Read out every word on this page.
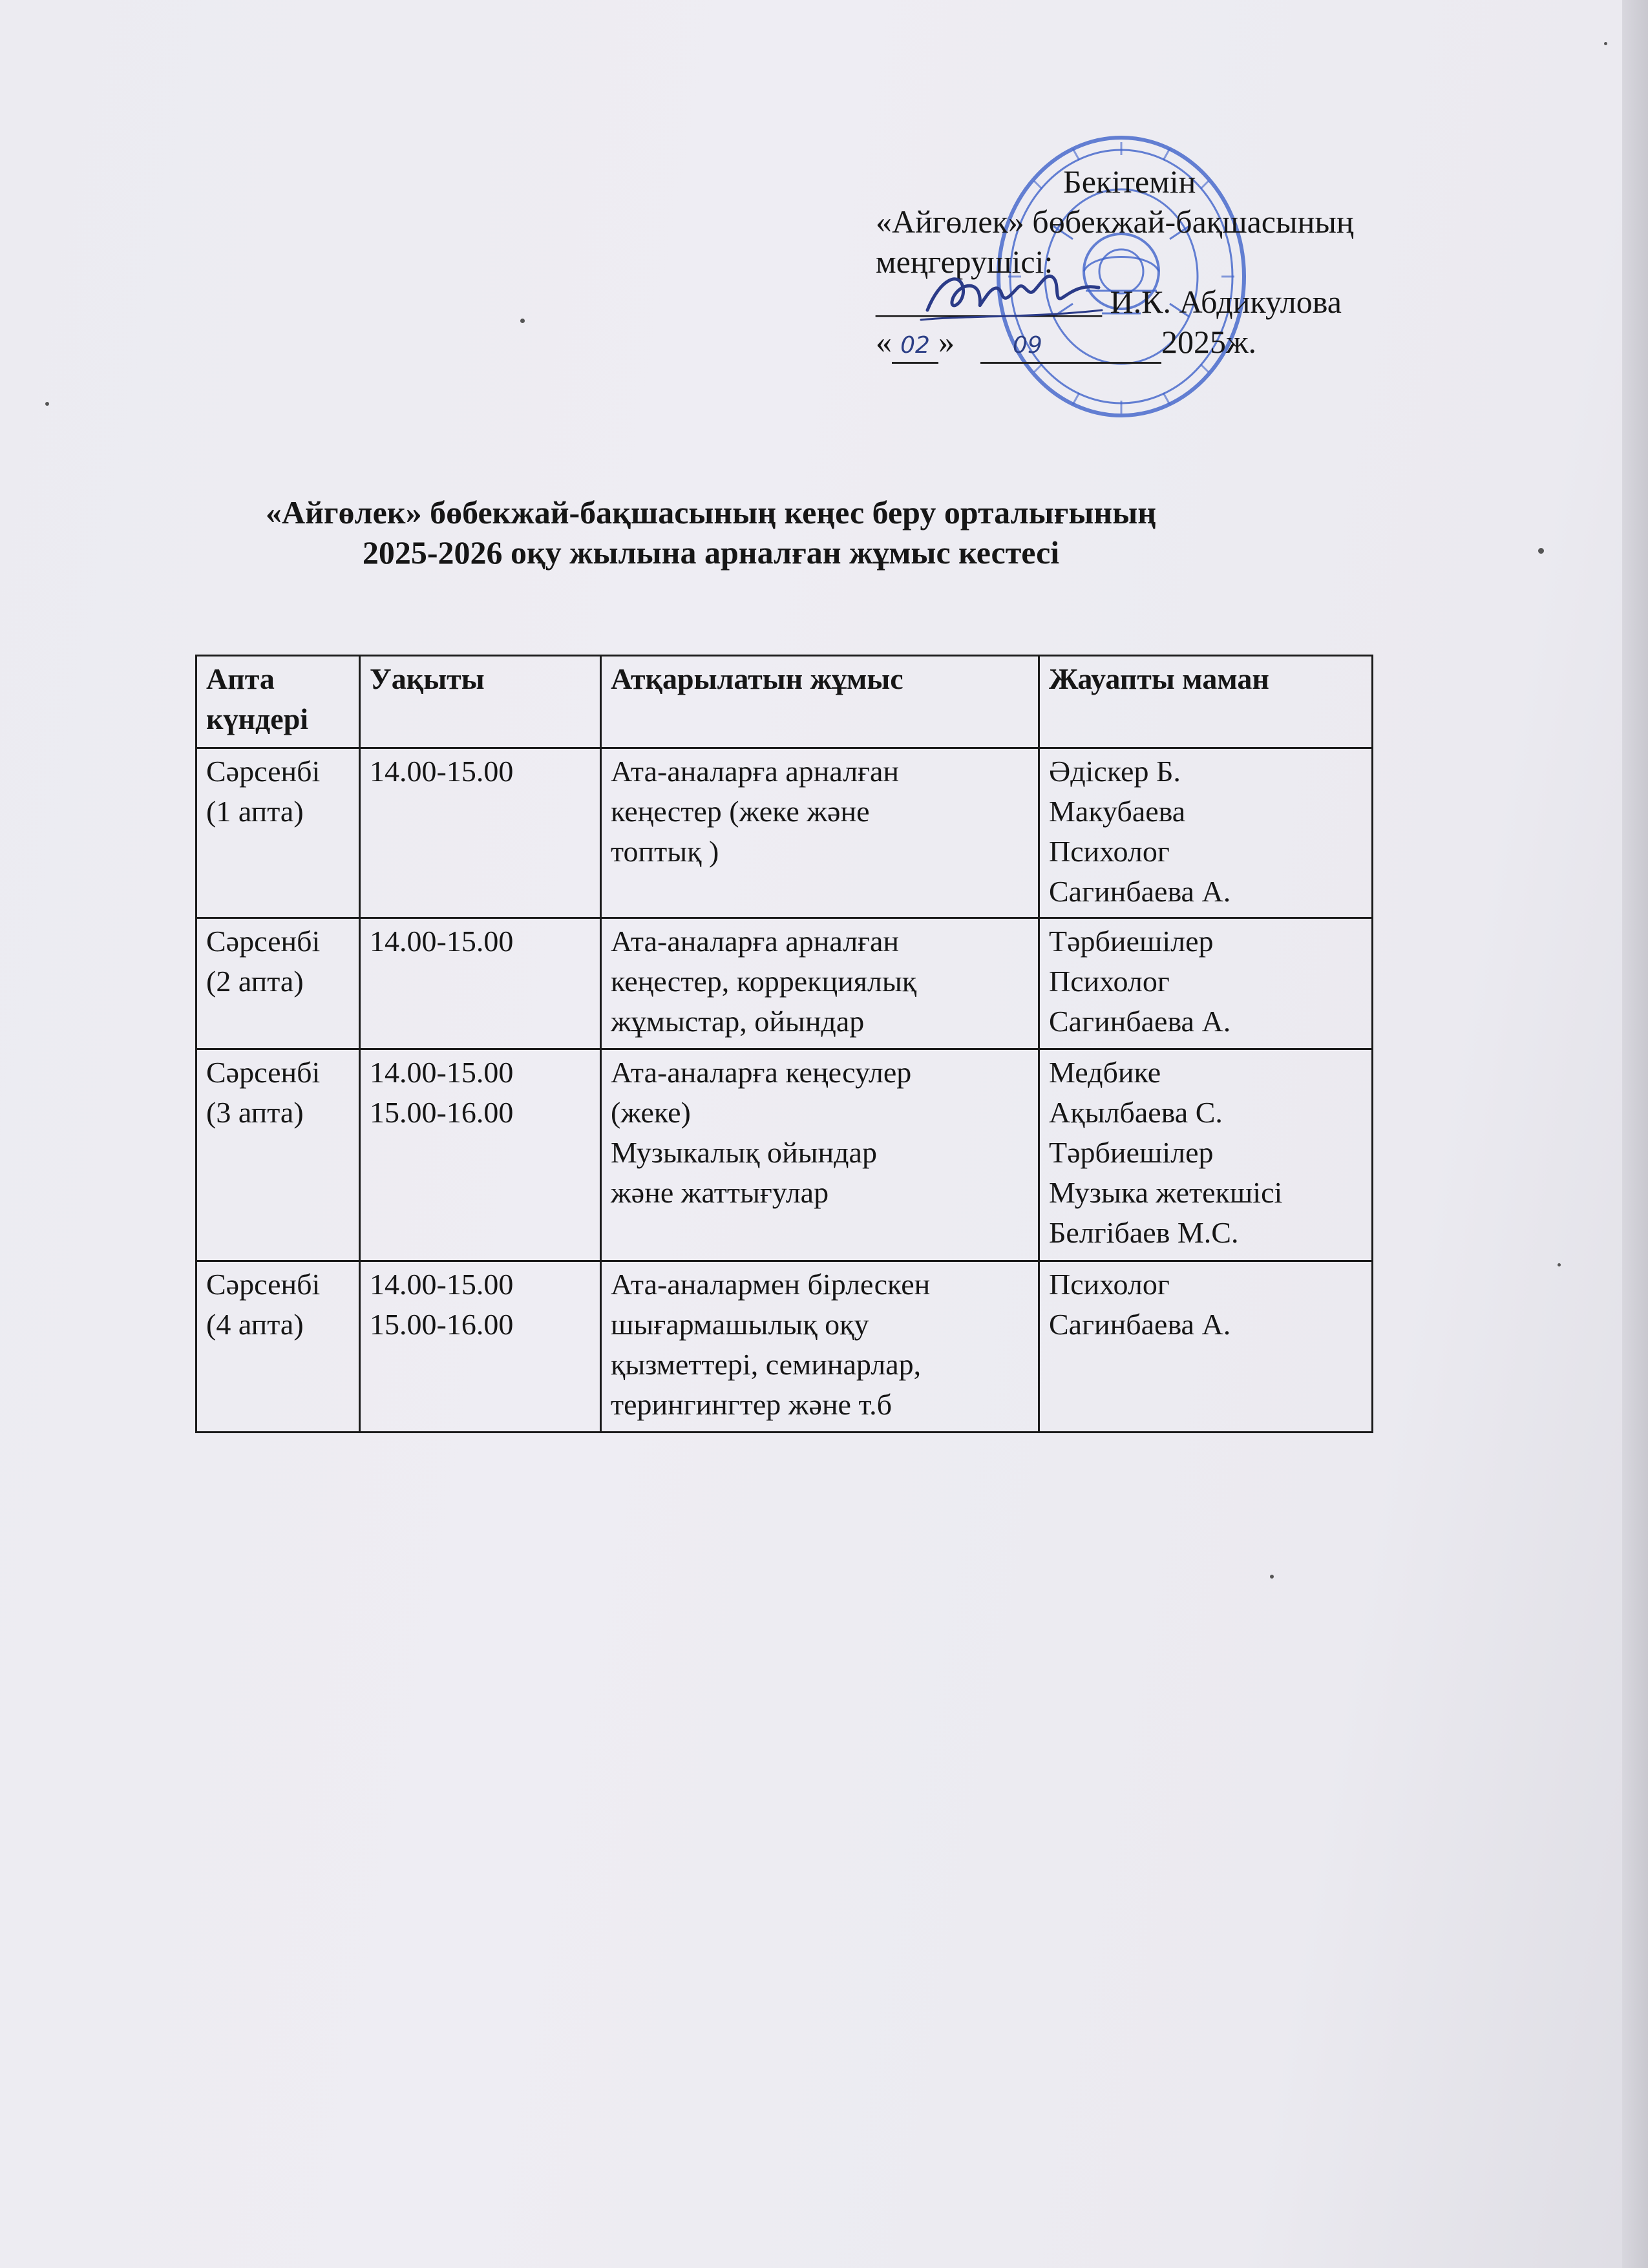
Бекітемін
«Айгөлек» бөбекжай-бақшасының
меңгерушісі:
______________ И.К. Абдикулова
« 02 »	09	2025ж.
«Айгөлек» бөбекжай-бақшасының кеңес беру орталығының
2025-2026 оқу жылына арналған жұмыс кестесі
Апта
күндері	Уақыты	Атқарылатын жұмыс	Жауапты маман

Сәрсенбі
(1 апта)	14.00-15.00	Ата-аналарға арналған
кеңестер (жеке және
топтық )	Әдіскер Б.
Макубаева
Психолог
Сагинбаева А.

Сәрсенбі
(2 апта)	14.00-15.00	Ата-аналарға арналған
кеңестер, коррекциялық
жұмыстар, ойындар	Тәрбиешілер
Психолог
Сагинбаева А.

Сәрсенбі
(3 апта)	14.00-15.00
15.00-16.00	Ата-аналарға кеңесулер
(жеке)
Музыкалық ойындар
және жаттығулар	Медбике
Ақылбаева С.
Тәрбиешілер
Музыка жетекшісі
Белгібаев М.С.

Сәрсенбі
(4 апта)	14.00-15.00
15.00-16.00	Ата-аналармен бірлескен
шығармашылық оқу
қызметтері, семинарлар,
терингингтер және т.б	Психолог
Сагинбаева А.
